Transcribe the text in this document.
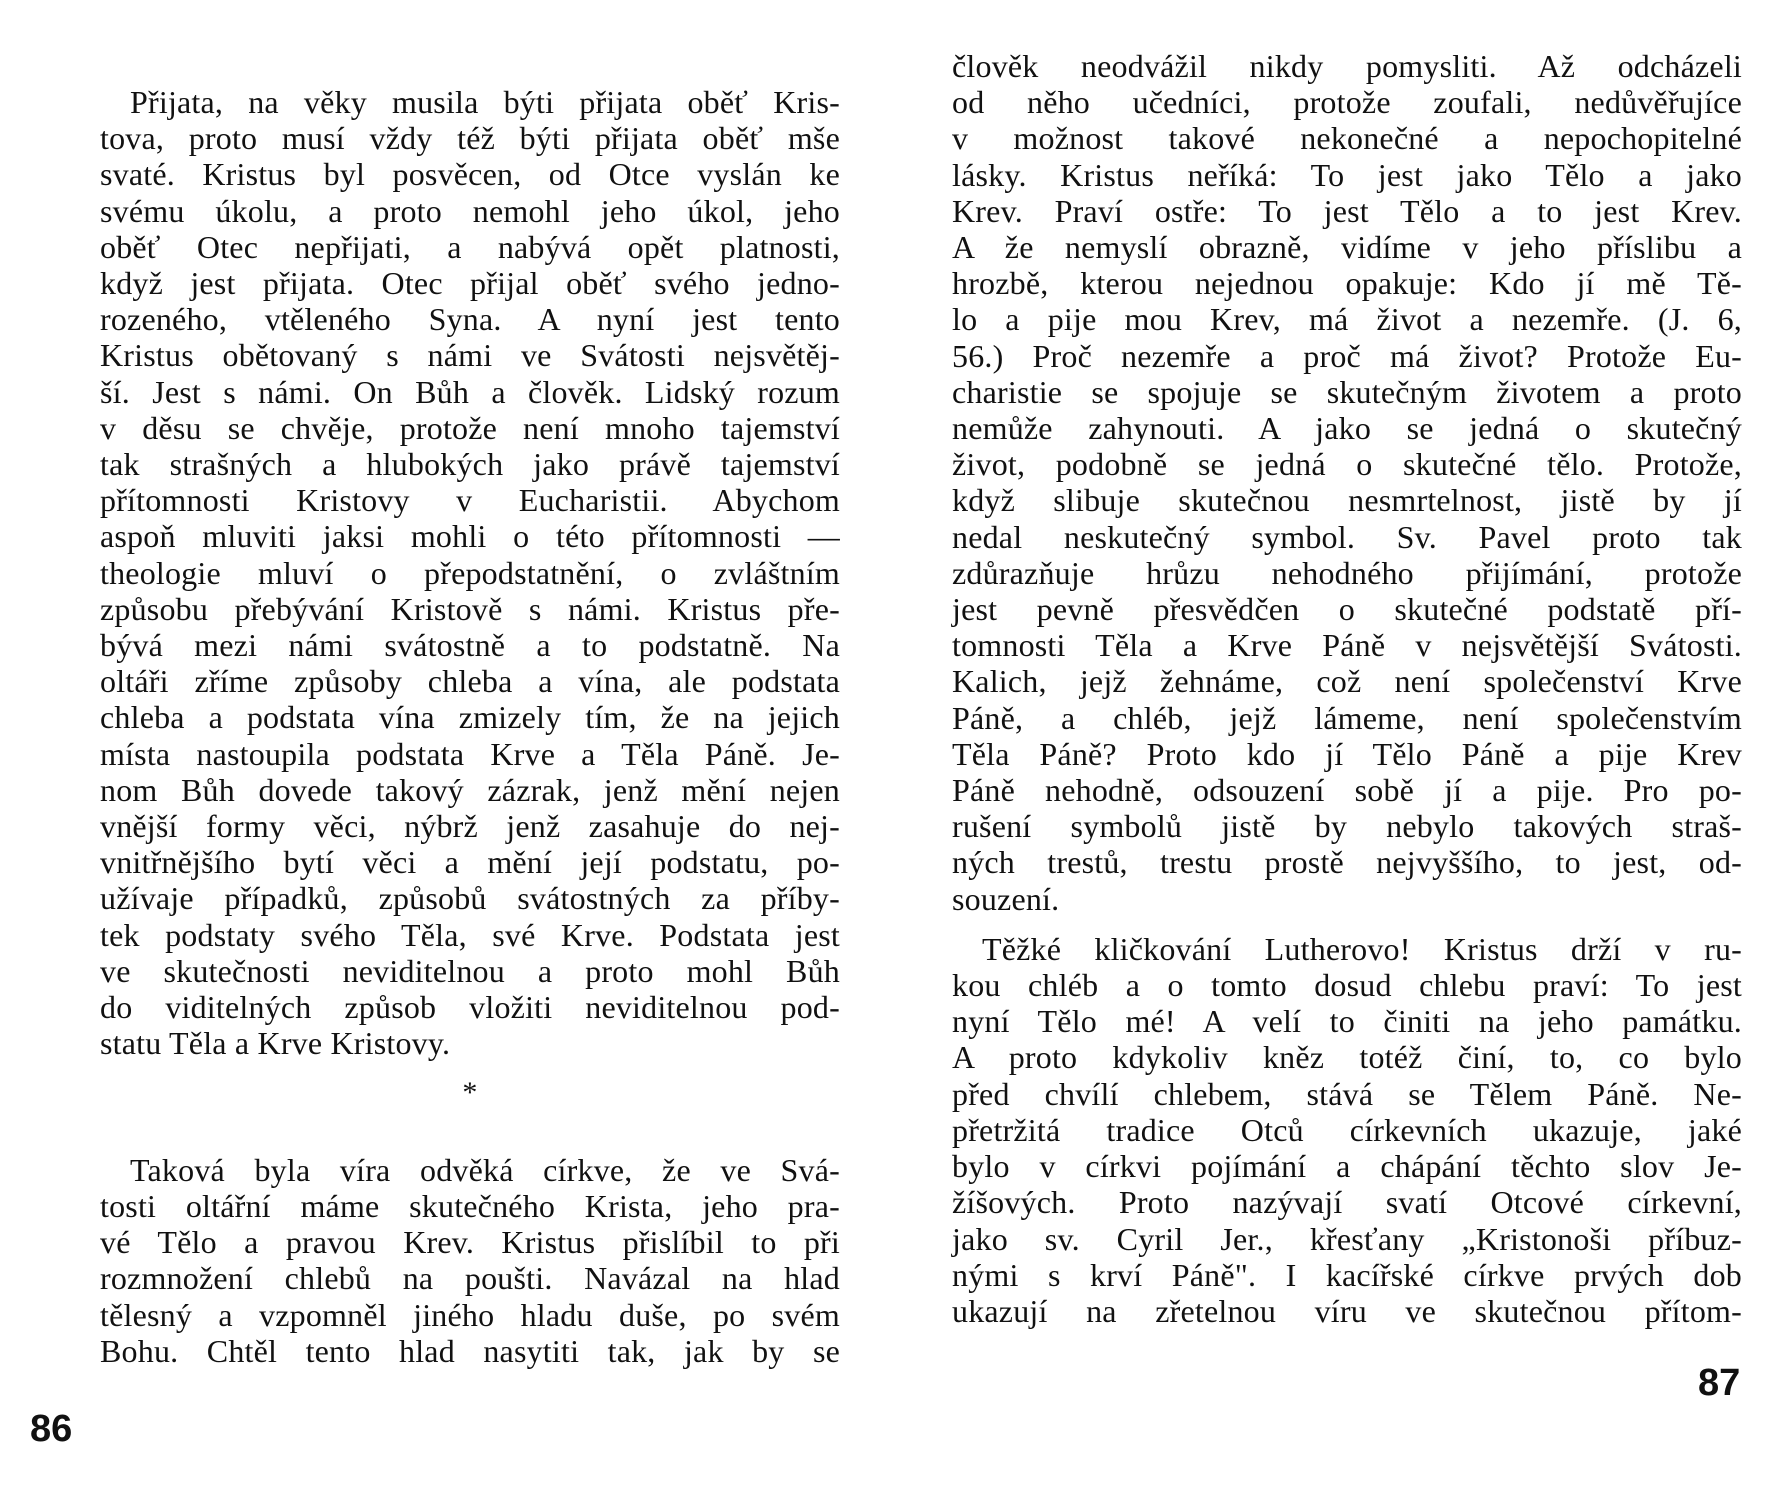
Přijata, na věky musila býti přijata oběť Kris-
tova, proto musí vždy též býti přijata oběť mše
svaté. Kristus byl posvěcen, od Otce vyslán ke
svému úkolu, a proto nemohl jeho úkol, jeho
oběť Otec nepřijati, a nabývá opět platnosti,
když jest přijata. Otec přijal oběť svého jedno-
rozeného, vtěleného Syna. A nyní jest tento
Kristus obětovaný s námi ve Svátosti nejsvětěj-
ší. Jest s námi. On Bůh a člověk. Lidský rozum
v děsu se chvěje, protože není mnoho tajemství
tak strašných a hlubokých jako právě tajemství
přítomnosti Kristovy v Eucharistii. Abychom
aspoň mluviti jaksi mohli o této přítomnosti —
theologie mluví o přepodstatnění, o zvláštním
způsobu přebývání Kristově s námi. Kristus pře-
bývá mezi námi svátostně a to podstatně. Na
oltáři zříme způsoby chleba a vína, ale podstata
chleba a podstata vína zmizely tím, že na jejich
místa nastoupila podstata Krve a Těla Páně. Je-
nom Bůh dovede takový zázrak, jenž mění nejen
vnější formy věci, nýbrž jenž zasahuje do nej-
vnitřnějšího bytí věci a mění její podstatu, po-
užívaje případků, způsobů svátostných za příby-
tek podstaty svého Těla, své Krve. Podstata jest
ve skutečnosti neviditelnou a proto mohl Bůh
do viditelných způsob vložiti neviditelnou pod-
statu Těla a Krve Kristovy.
*
Taková byla víra odvěká církve, že ve Svá-
tosti oltářní máme skutečného Krista, jeho pra-
vé Tělo a pravou Krev. Kristus přislíbil to při
rozmnožení chlebů na poušti. Navázal na hlad
tělesný a vzpomněl jiného hladu duše, po svém
Bohu. Chtěl tento hlad nasytiti tak, jak by se
86
člověk neodvážil nikdy pomysliti. Až odcházeli
od něho učedníci, protože zoufali, nedůvěřujíce
v možnost takové nekonečné a nepochopitelné
lásky. Kristus neříká: To jest jako Tělo a jako
Krev. Praví ostře: To jest Tělo a to jest Krev.
A že nemyslí obrazně, vidíme v jeho příslibu a
hrozbě, kterou nejednou opakuje: Kdo jí mě Tě-
lo a pije mou Krev, má život a nezemře. (J. 6,
56.) Proč nezemře a proč má život? Protože Eu-
charistie se spojuje se skutečným životem a proto
nemůže zahynouti. A jako se jedná o skutečný
život, podobně se jedná o skutečné tělo. Protože,
když slibuje skutečnou nesmrtelnost, jistě by jí
nedal neskutečný symbol. Sv. Pavel proto tak
zdůrazňuje hrůzu nehodného přijímání, protože
jest pevně přesvědčen o skutečné podstatě pří-
tomnosti Těla a Krve Páně v nejsvětější Svátosti.
Kalich, jejž žehnáme, což není společenství Krve
Páně, a chléb, jejž lámeme, není společenstvím
Těla Páně? Proto kdo jí Tělo Páně a pije Krev
Páně nehodně, odsouzení sobě jí a pije. Pro po-
rušení symbolů jistě by nebylo takových straš-
ných trestů, trestu prostě nejvyššího, to jest, od-
souzení.
Těžké kličkování Lutherovo! Kristus drží v ru-
kou chléb a o tomto dosud chlebu praví: To jest
nyní Tělo mé! A velí to činiti na jeho památku.
A proto kdykoliv kněz totéž činí, to, co bylo
před chvílí chlebem, stává se Tělem Páně. Ne-
přetržitá tradice Otců církevních ukazuje, jaké
bylo v církvi pojímání a chápání těchto slov Je-
žíšových. Proto nazývají svatí Otcové církevní,
jako sv. Cyril Jer., křesťany „Kristonoši příbuz-
nými s krví Páně". I kacířské církve prvých dob
ukazují na zřetelnou víru ve skutečnou přítom-
87
